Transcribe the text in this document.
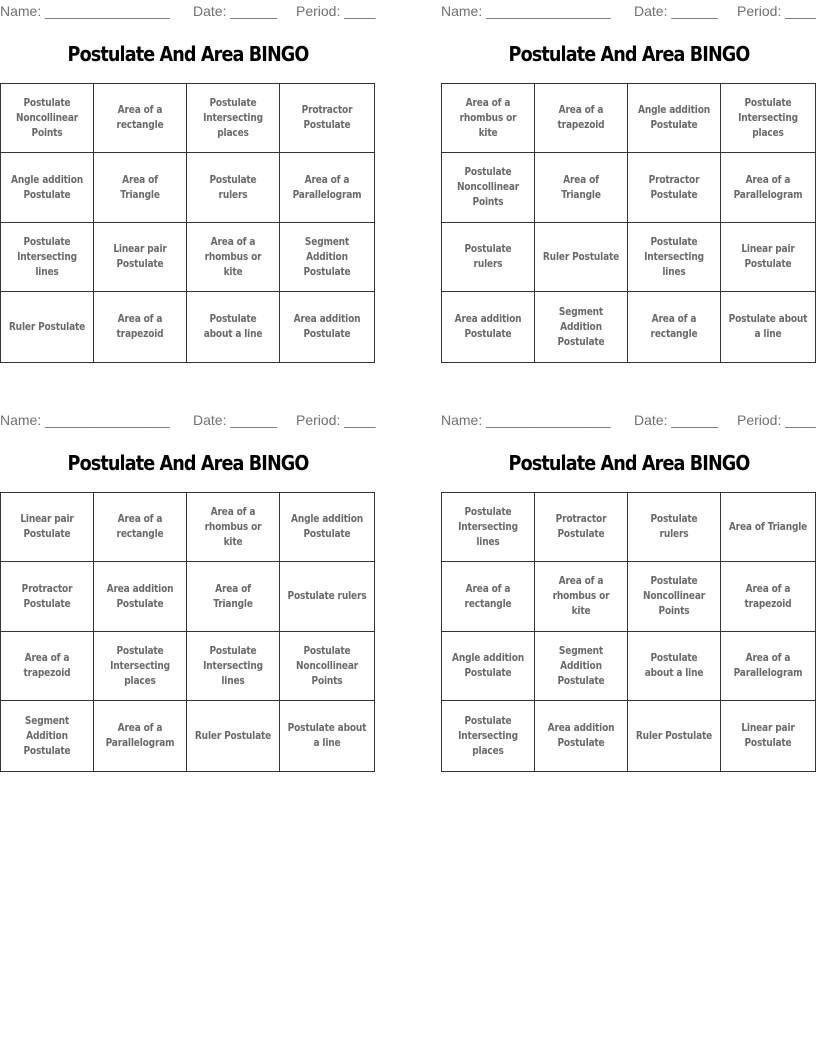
Name: ________________ Date: ______ Period: ____
Postulate And Area BINGO
Postulate Noncollinear Points
Area of a rectangle
Postulate Intersecting places
Protractor Postulate
Angle addition Postulate
Area of Triangle
Postulate rulers
Area of a Parallelogram
Postulate Intersecting lines
Linear pair Postulate
Area of a rhombus or kite
Segment Addition Postulate
Ruler Postulate
Area of a trapezoid
Postulate about a line
Area addition Postulate
Name: ________________ Date: ______ Period: ____
Postulate And Area BINGO
Area of a rhombus or kite
Area of a trapezoid
Angle addition Postulate
Postulate Intersecting places
Postulate Noncollinear Points
Area of Triangle
Protractor Postulate
Area of a Parallelogram
Postulate rulers
Ruler Postulate
Postulate Intersecting lines
Linear pair Postulate
Area addition Postulate
Segment Addition Postulate
Area of a rectangle
Postulate about a line
Name: ________________ Date: ______ Period: ____
Postulate And Area BINGO
Linear pair Postulate
Area of a rectangle
Area of a rhombus or kite
Angle addition Postulate
Protractor Postulate
Area addition Postulate
Area of Triangle
Postulate rulers
Area of a trapezoid
Postulate Intersecting places
Postulate Intersecting lines
Postulate Noncollinear Points
Segment Addition Postulate
Area of a Parallelogram
Ruler Postulate
Postulate about a line
Name: ________________ Date: ______ Period: ____
Postulate And Area BINGO
Postulate Intersecting lines
Protractor Postulate
Postulate rulers
Area of Triangle
Area of a rectangle
Area of a rhombus or kite
Postulate Noncollinear Points
Area of a trapezoid
Angle addition Postulate
Segment Addition Postulate
Postulate about a line
Area of a Parallelogram
Postulate Intersecting places
Area addition Postulate
Ruler Postulate
Linear pair Postulate
